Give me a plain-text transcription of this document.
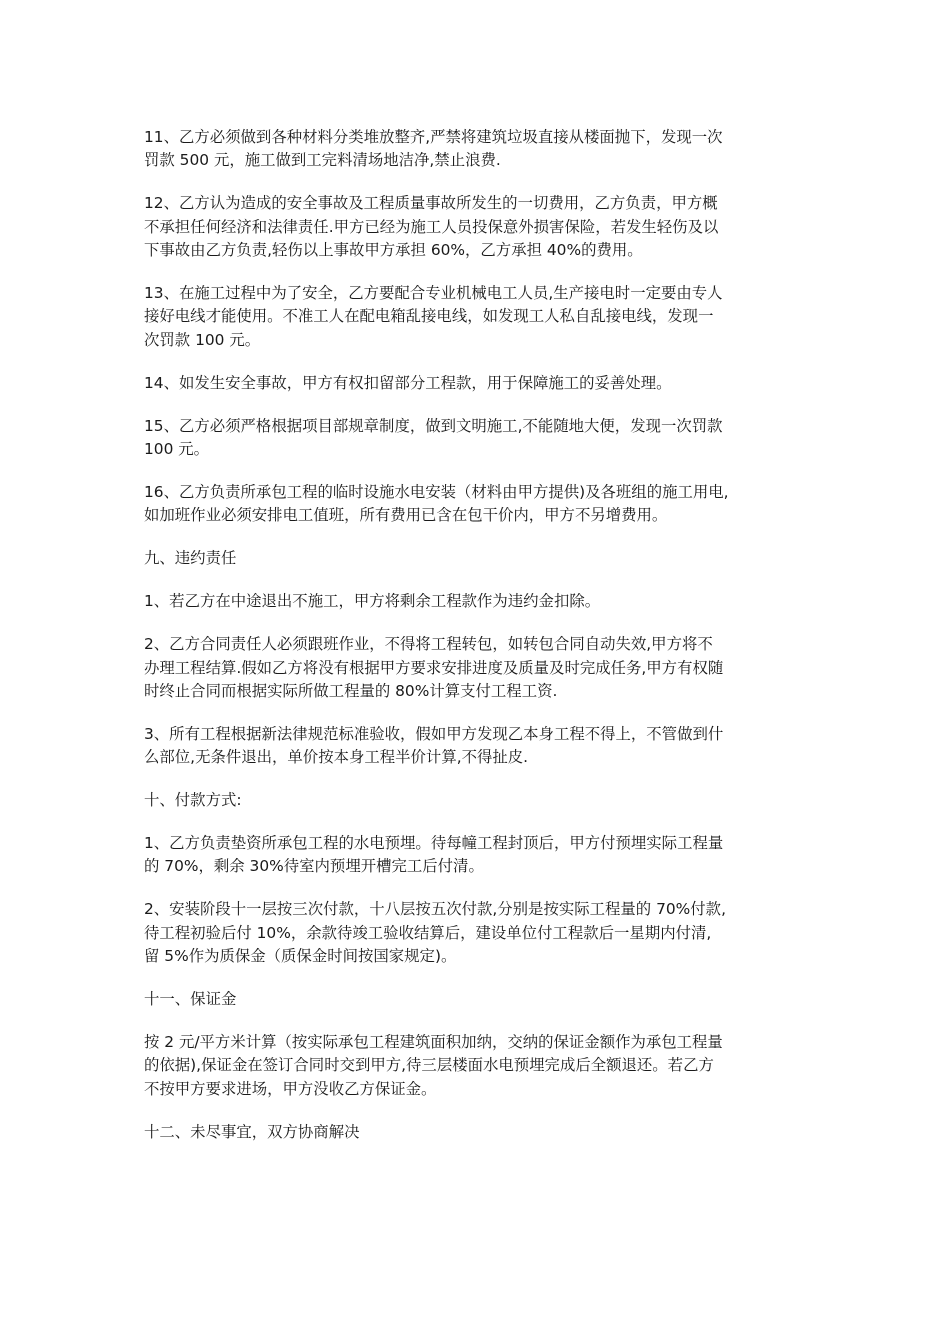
11、乙方必须做到各种材料分类堆放整齐,严禁将建筑垃圾直接从楼面抛下，发现一次
罚款 500 元，施工做到工完料清场地洁净,禁止浪费.

12、乙方认为造成的安全事故及工程质量事故所发生的一切费用，乙方负责，甲方概
不承担任何经济和法律责任.甲方已经为施工人员投保意外损害保险，若发生轻伤及以
下事故由乙方负责,轻伤以上事故甲方承担 60%，乙方承担 40%的费用。

13、在施工过程中为了安全，乙方要配合专业机械电工人员,生产接电时一定要由专人
接好电线才能使用。不准工人在配电箱乱接电线，如发现工人私自乱接电线，发现一
次罚款 100 元。

14、如发生安全事故，甲方有权扣留部分工程款，用于保障施工的妥善处理。

15、乙方必须严格根据项目部规章制度，做到文明施工,不能随地大便，发现一次罚款
100 元。

16、乙方负责所承包工程的临时设施水电安装（材料由甲方提供)及各班组的施工用电,
如加班作业必须安排电工值班，所有费用已含在包干价内，甲方不另增费用。

九、违约责任

1、若乙方在中途退出不施工，甲方将剩余工程款作为违约金扣除。

2、乙方合同责任人必须跟班作业，不得将工程转包，如转包合同自动失效,甲方将不
办理工程结算.假如乙方将没有根据甲方要求安排进度及质量及时完成任务,甲方有权随
时终止合同而根据实际所做工程量的 80%计算支付工程工资.

3、所有工程根据新法律规范标准验收，假如甲方发现乙本身工程不得上，不管做到什
么部位,无条件退出，单价按本身工程半价计算,不得扯皮.

十、付款方式:

1、乙方负责垫资所承包工程的水电预埋。待每幢工程封顶后，甲方付预埋实际工程量
的 70%，剩余 30%待室内预埋开槽完工后付清。

2、安装阶段十一层按三次付款，十八层按五次付款,分别是按实际工程量的 70%付款,
待工程初验后付 10%，余款待竣工验收结算后，建设单位付工程款后一星期内付清,
留 5%作为质保金（质保金时间按国家规定)。

十一、保证金

按 2 元/平方米计算（按实际承包工程建筑面积加纳，交纳的保证金额作为承包工程量
的依据),保证金在签订合同时交到甲方,待三层楼面水电预埋完成后全额退还。若乙方
不按甲方要求进场，甲方没收乙方保证金。

十二、未尽事宜，双方协商解决
